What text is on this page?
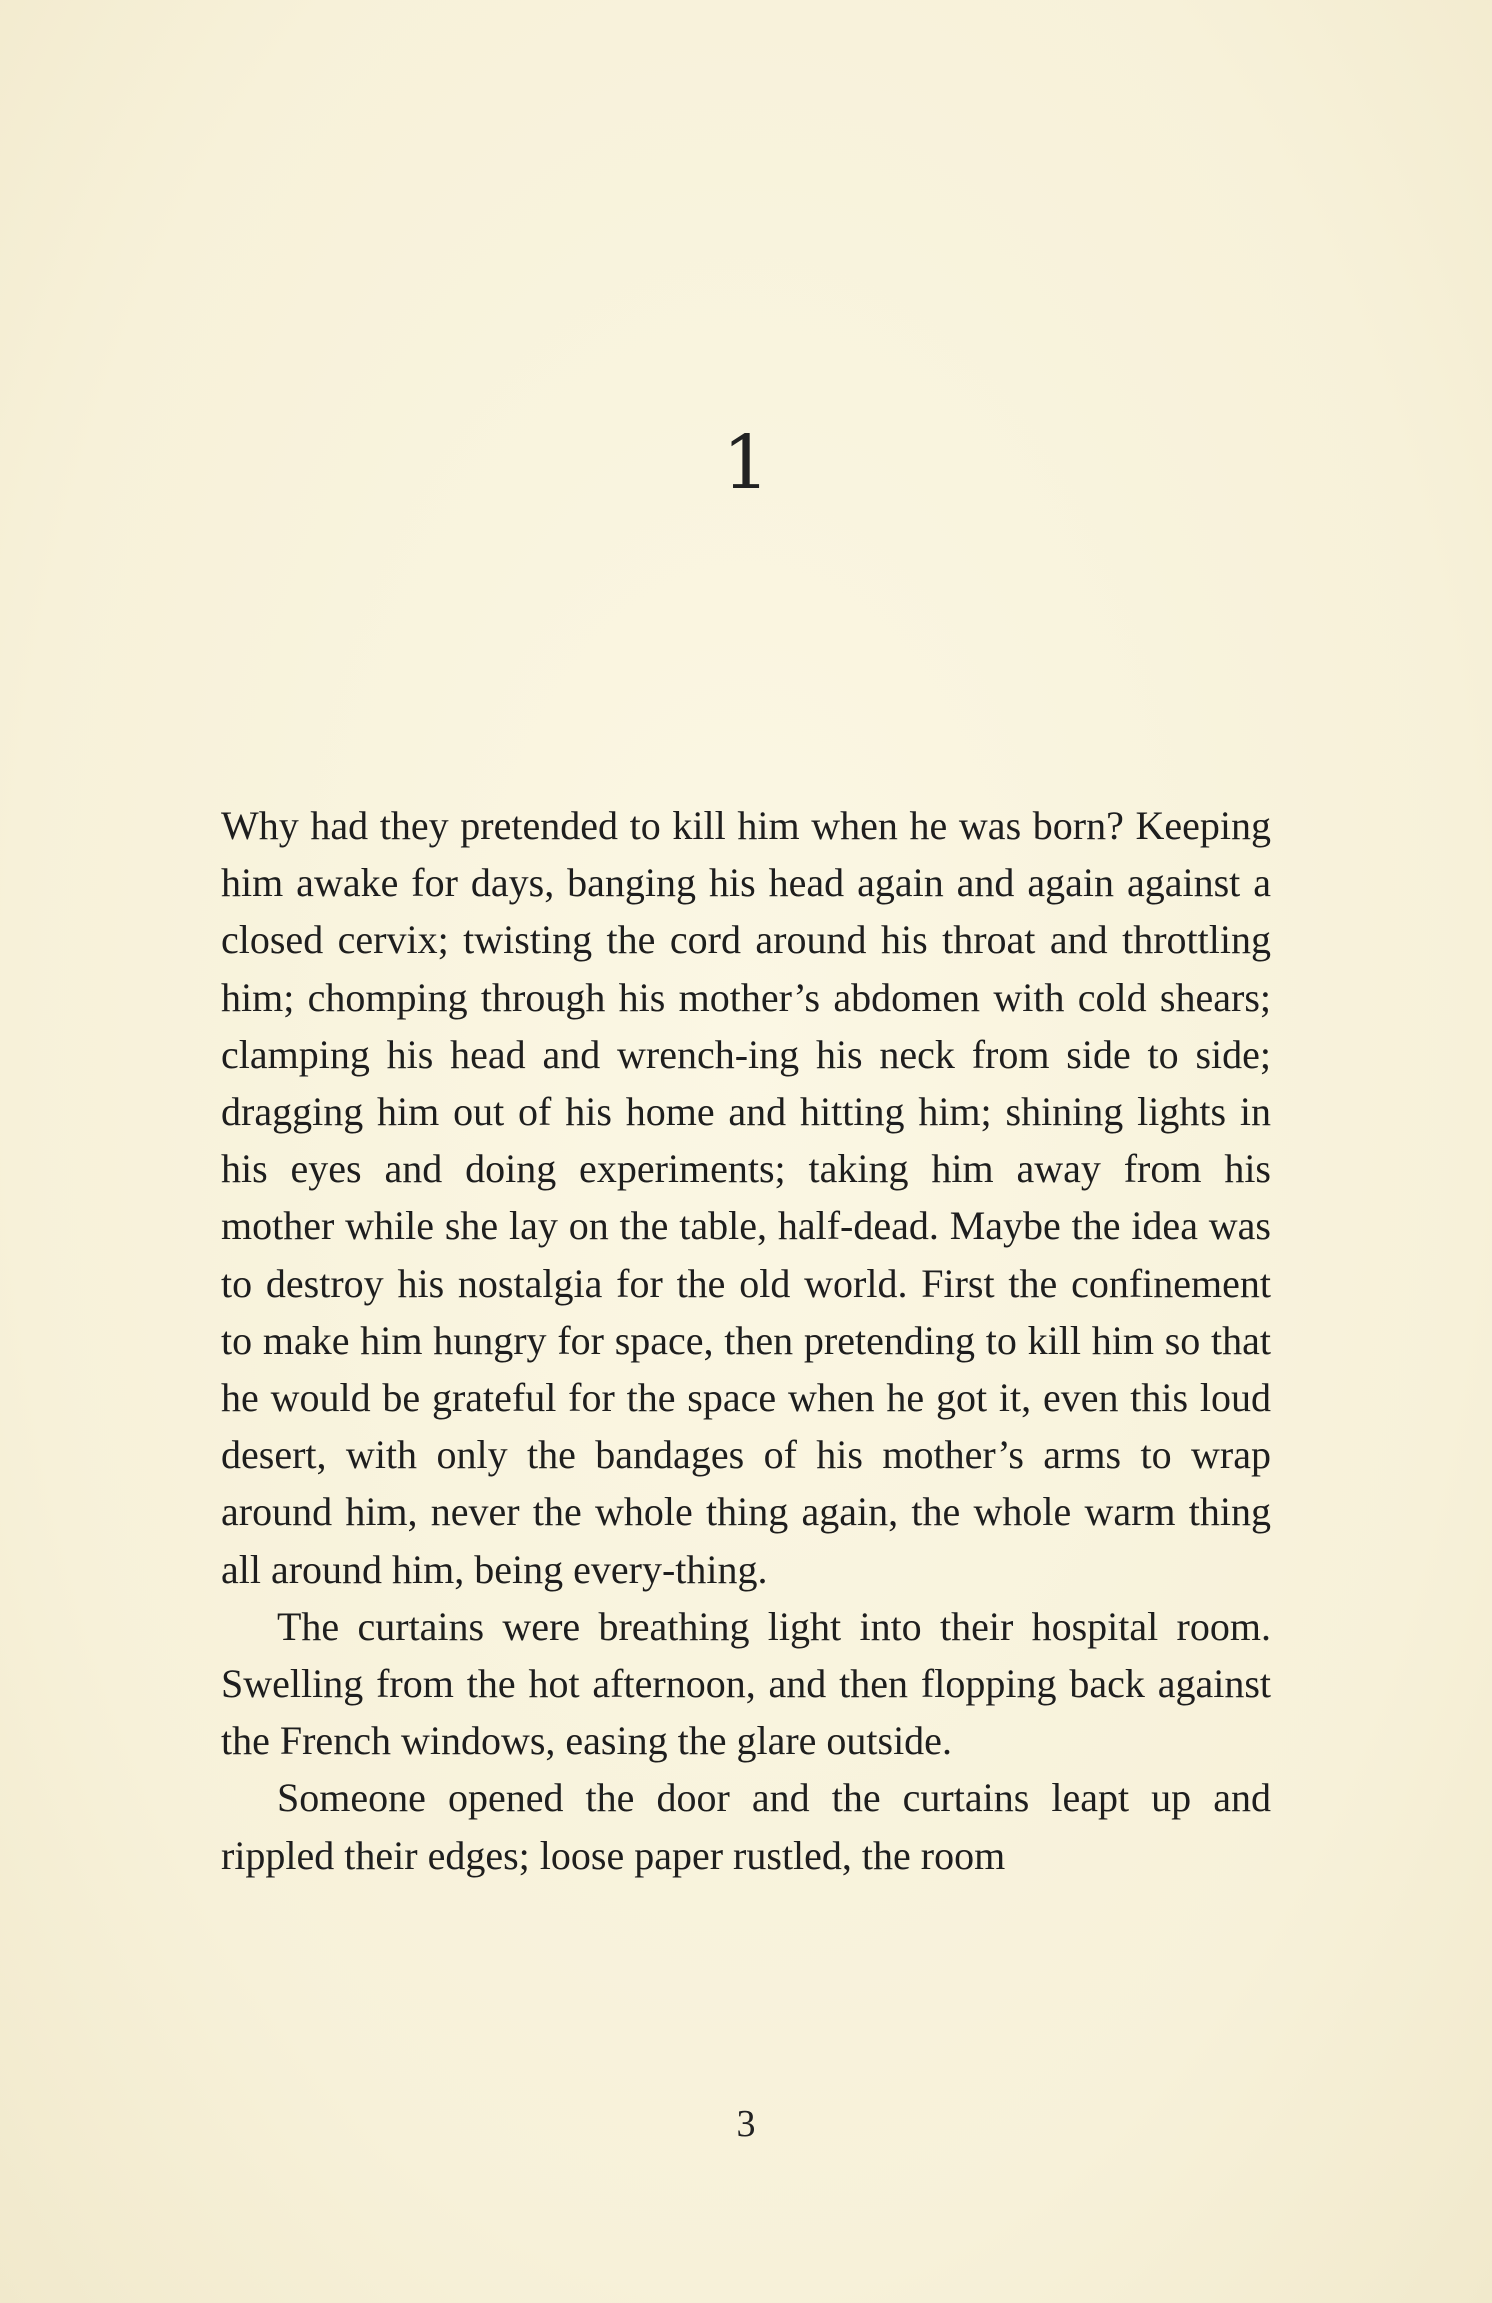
1

Why had they pretended to kill him when he was born? Keeping him awake for days, banging his head again and again against a closed cervix; twisting the cord around his throat and throttling him; chomping through his mother’s abdomen with cold shears; clamping his head and wrench-ing his neck from side to side; dragging him out of his home and hitting him; shining lights in his eyes and doing experiments; taking him away from his mother while she lay on the table, half-dead. Maybe the idea was to destroy his nostalgia for the old world. First the confinement to make him hungry for space, then pretending to kill him so that he would be grateful for the space when he got it, even this loud desert, with only the bandages of his mother’s arms to wrap around him, never the whole thing again, the whole warm thing all around him, being every-thing.

The curtains were breathing light into their hospital room. Swelling from the hot afternoon, and then flopping back against the French windows, easing the glare outside.

Someone opened the door and the curtains leapt up and rippled their edges; loose paper rustled, the room

3
